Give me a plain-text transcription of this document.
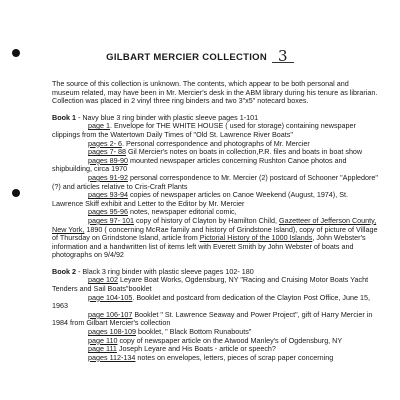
GILBART MERCIER COLLECTION 3

The source of this collection is unknown. The contents, which appear to be both personal and museum related, may have been in Mr. Mercier's desk in the ABM library during his tenure as librarian. Collection was placed in 2 vinyl three ring binders and two 3"x5" notecard boxes.

Book 1 - Navy blue 3 ring binder with plastic sleeve pages 1-101

page 1. Envelope for THE WHITE HOUSE ( used for storage) containing newspaper clippings from the Watertown Daily Times of "Old St. Lawrence River Boats"

pages 2- 6. Personal correspondence and photographs of Mr. Mercier

pages 7- 88 Gil Mercier's notes on boats in collection,P.R. files and boats in boat show

pages 89-90 mounted newspaper articles concerning Rushton Canoe photos and shipbuilding, circa 1970

pages 91-92 personal correspondence to Mr. Mercier (2) postcard of Schooner "Appledore" (?) and articles relative to Cris-Craft Plants

pages 93-94 copies of newspaper articles on Canoe Weekend (August, 1974), St. Lawrence Skiff exhibit and Letter to the Editor by Mr. Mercier

pages 95-96 notes, newspaper editorial comic,

pages 97- 101 copy of history of Clayton by Hamilton Child, Gazetteer of Jefferson County, New York, 1890 ( concerning McRae family and history of Grindstone Island), copy of picture of Village of Thursday on Grindstone Island, article from Pictorial History of the 1000 Islands, John Webster's information and a handwritten list of items left with Everett Smith by John Webster of boats and photographs on 9/4/92

Book 2 - Black 3 ring binder with plastic sleeve pages 102- 180

page 102 Leyare Boat Works, Ogdensburg, NY "Racing and Cruising Motor Boats Yacht Tenders and Sail Boats"booklet

page 104-105. Booklet and postcard from dedication of the Clayton Post Office, June 15, 1963

page 106-107 Booklet " St. Lawrence Seaway and Power Project", gift of Harry Mercier in 1984 from Gilbart Mercier's collection

pages 108-109 booklet, " Black Bottom Runabouts"

page 110 copy of newspaper article on the Atwood Manley's of Ogdensburg, NY

page 111 Joseph Leyare and His Boats - article or speech?

pages 112-134 notes on envelopes, letters, pieces of scrap paper concerning
